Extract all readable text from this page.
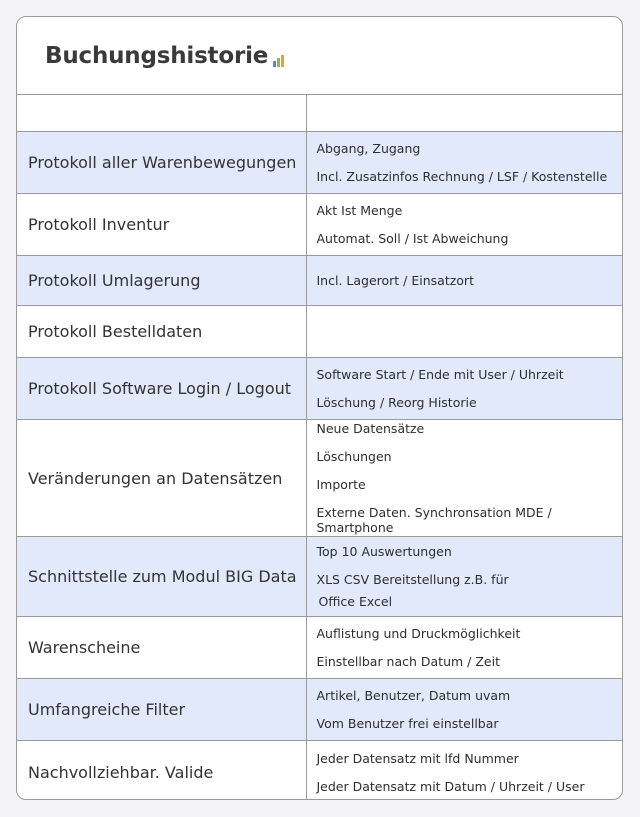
Buchungshistorie

Protokoll aller Warenbewegungen	Abgang, Zugang
Incl. Zusatzinfos Rechnung / LSF / Kostenstelle

Protokoll Inventur	Akt Ist Menge
Automat. Soll / Ist Abweichung

Protokoll Umlagerung	Incl. Lagerort / Einsatzort

Protokoll Bestelldaten	
Protokoll Software Login / Logout	Software Start / Ende mit User / Uhrzeit
Löschung / Reorg Historie

Veränderungen an Datensätzen	Neue Datensätze
Löschungen
Importe
Externe Daten. Synchronsation MDE / Smartphone

Schnittstelle zum Modul BIG Data	Top 10 Auswertungen
XLS CSV Bereitstellung z.B. für
Office Excel

Warenscheine	Auflistung und Druckmöglichkeit
Einstellbar nach Datum / Zeit

Umfangreiche Filter	Artikel, Benutzer, Datum uvam
Vom Benutzer frei einstellbar

Nachvollziehbar. Valide	Jeder Datensatz mit lfd Nummer
Jeder Datensatz mit Datum / Uhrzeit / User
